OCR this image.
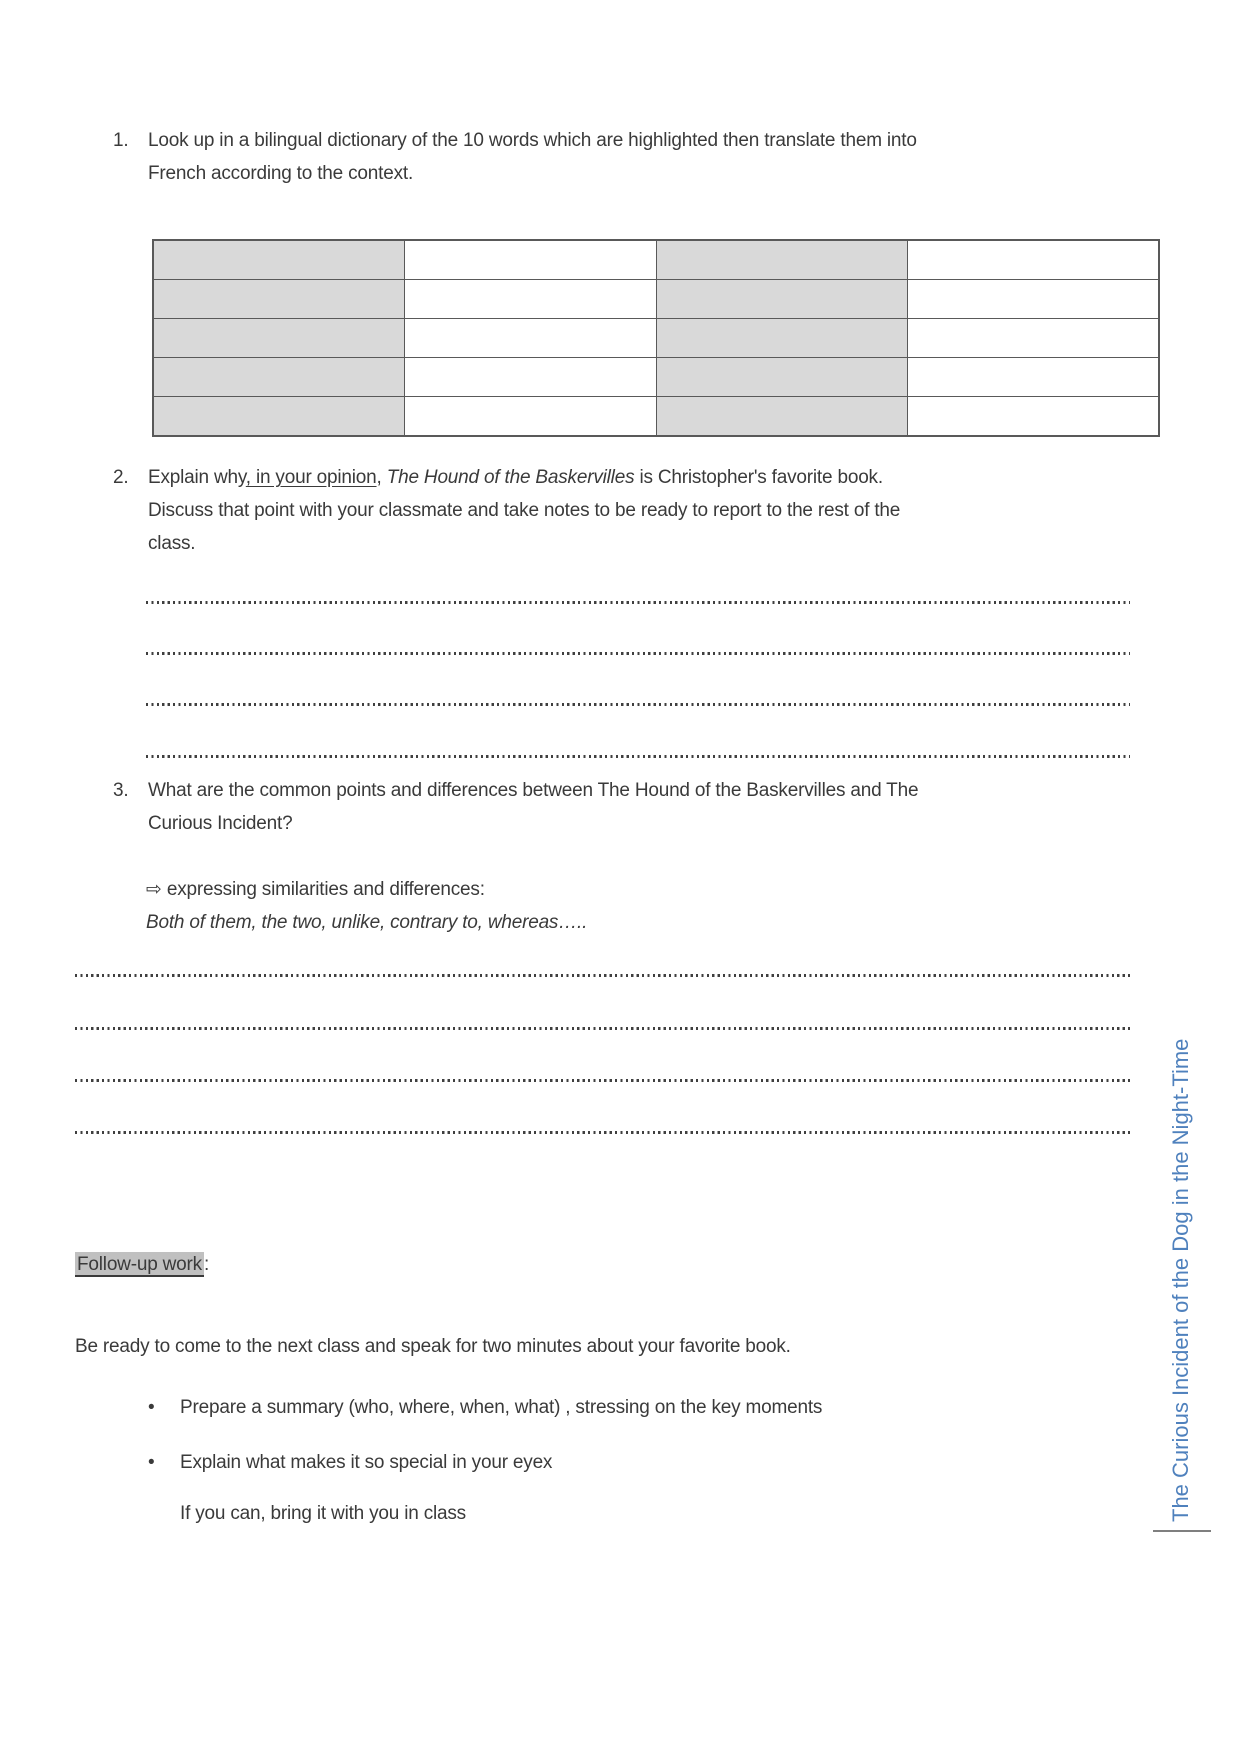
1.	Look up in a bilingual dictionary of the 10 words which are highlighted then translate them into
French according to the context.

2.	Explain why, in your opinion, The Hound of the Baskervilles is Christopher's favorite book.
Discuss that point with your classmate and take notes to be ready to report to the rest of the
class.
3.	What are the common points and differences between The Hound of the Baskervilles and The
Curious Incident?
⇨ expressing similarities and differences:
Both of them, the two, unlike, contrary to, whereas…..
Follow-up work :
Be ready to come to the next class and speak for two minutes about your favorite book.
•	Prepare a summary (who, where, when, what) , stressing on the key moments
•	Explain what makes it so special in your eyex
If you can, bring it with you in class	The Curious Incident of the Dog in the Night-Time
